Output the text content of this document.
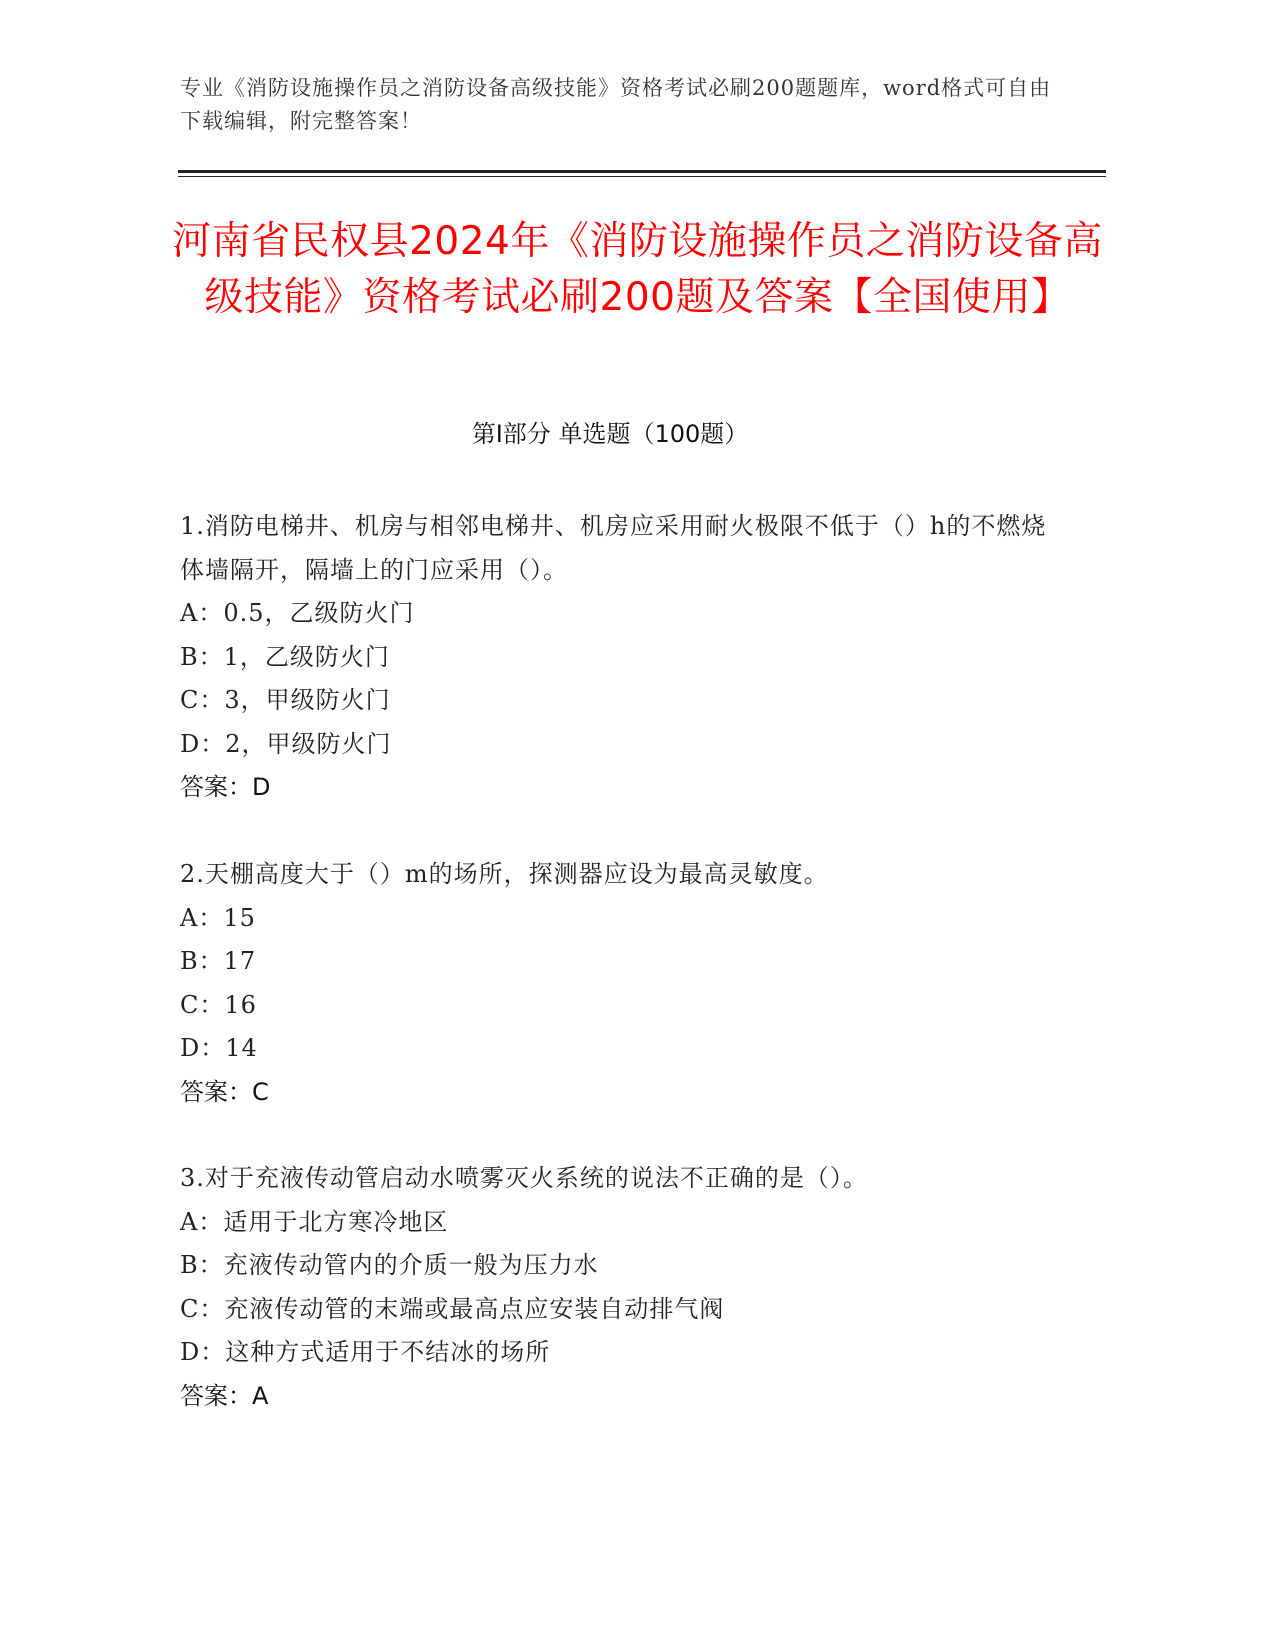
专业《消防设施操作员之消防设备高级技能》资格考试必刷200题题库，word格式可自由下载编辑，附完整答案！
河南省民权县2024年《消防设施操作员之消防设备高级技能》资格考试必刷200题及答案【全国使用】
第Ⅰ部分 单选题（100题）
1.消防电梯井、机房与相邻电梯井、机房应采用耐火极限不低于（）h的不燃烧体墙隔开，隔墙上的门应采用（）。
A：0.5，乙级防火门
B：1，乙级防火门
C：3，甲级防火门
D：2，甲级防火门
答案：D
2.天棚高度大于（）m的场所，探测器应设为最高灵敏度。
A：15
B：17
C：16
D：14
答案：C
3.对于充液传动管启动水喷雾灭火系统的说法不正确的是（）。
A：适用于北方寒冷地区
B：充液传动管内的介质一般为压力水
C：充液传动管的末端或最高点应安装自动排气阀
D：这种方式适用于不结冰的场所
答案：A
